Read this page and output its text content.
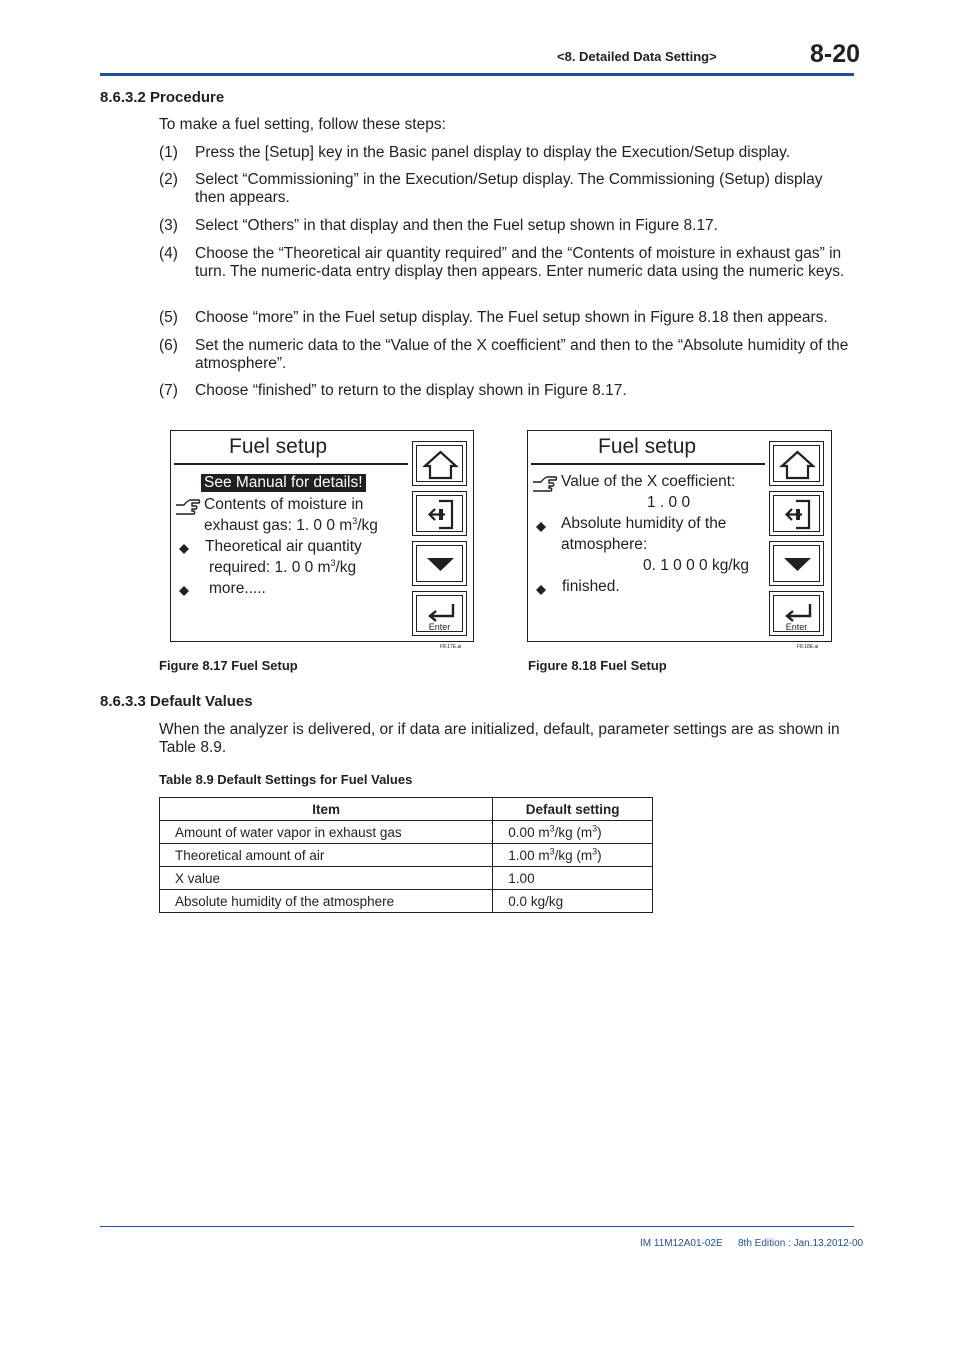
<8. Detailed Data Setting>	8-20
8.6.3.2 Procedure
To make a fuel setting, follow these steps:
(1) Press the [Setup] key in the Basic panel display to display the Execution/Setup display.
(2) Select “Commissioning” in the Execution/Setup display. The Commissioning (Setup) display then appears.
(3) Select “Others” in that display and then the Fuel setup shown in Figure 8.17.
(4) Choose the “Theoretical air quantity required” and the “Contents of moisture in exhaust gas” in turn. The numeric-data entry display then appears. Enter numeric data using the numeric keys.
(5) Choose “more” in the Fuel setup display. The Fuel setup shown in Figure 8.18 then appears.
(6) Set the numeric data to the “Value of the X coefficient” and then to the “Absolute humidity of the atmosphere”.
(7) Choose “finished” to return to the display shown in Figure 8.17.
Fuel setup
See Manual for details!
Contents of moisture in
exhaust gas: 1. 0 0 $m^3/kg$
Theoretical air quantity
required: 1. 0 0 $m^3/kg$
more.....
Enter
F8.17E.ai
Figure 8.17 Fuel Setup
Fuel setup
Value of the X coefficient:
1 . 0 0
Absolute humidity of the
atmosphere:
0. 1 0 0 0 kg/kg
finished.
Enter
F8.18E.ai
Figure 8.18 Fuel Setup
8.6.3.3 Default Values
When the analyzer is delivered, or if data are initialized, default, parameter settings are as shown in Table 8.9.
Table 8.9 Default Settings for Fuel Values
Item	Default setting
Amount of water vapor in exhaust gas	0.00 $m^3/kg$ $(m^3)$
Theoretical amount of air	1.00 $m^3/kg$ $(m^3)$
X value	1.00
Absolute humidity of the atmosphere	0.0 kg/kg
IM 11M12A01-02E 8th Edition : Jan.13,2012-00
